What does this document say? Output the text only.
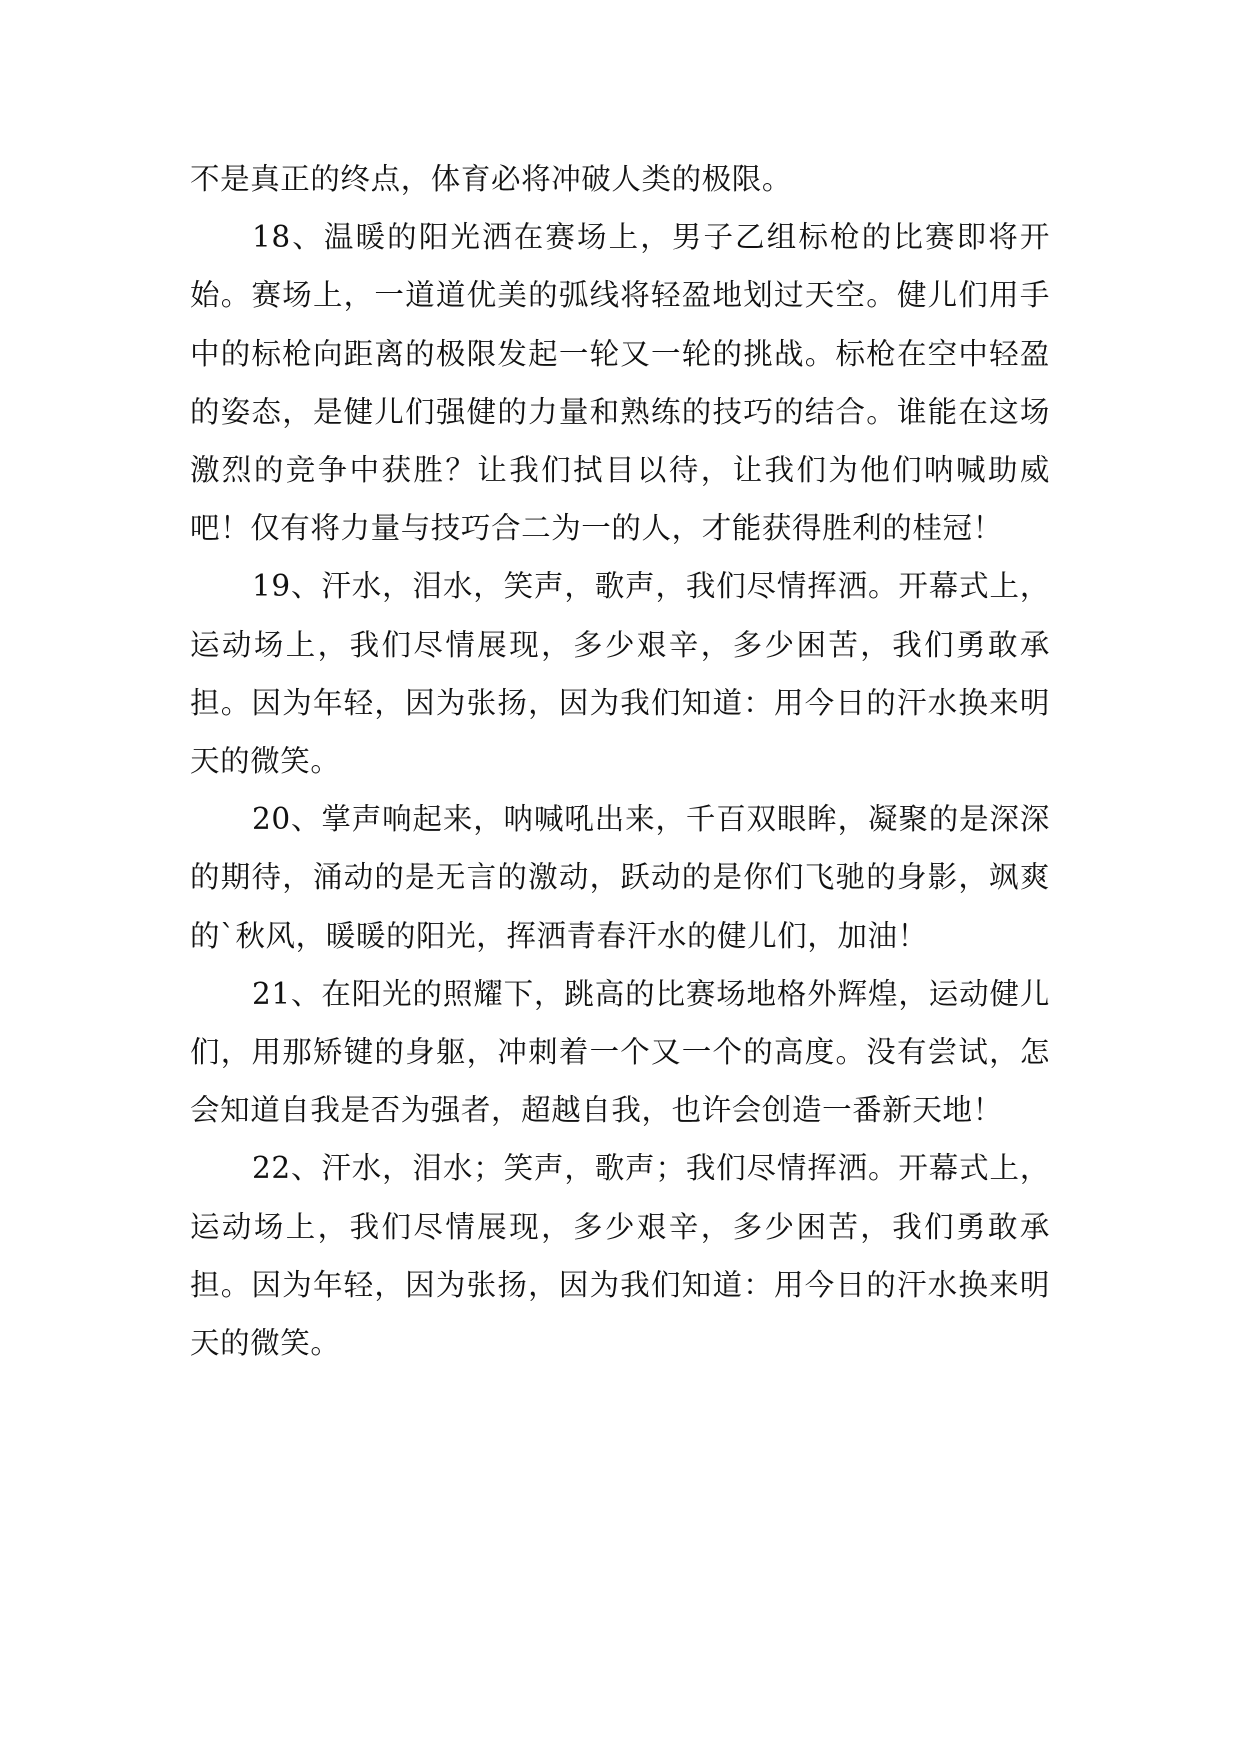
不是真正的终点，体育必将冲破人类的极限。

18、温暖的阳光洒在赛场上，男子乙组标枪的比赛即将开始。赛场上，一道道优美的弧线将轻盈地划过天空。健儿们用手中的标枪向距离的极限发起一轮又一轮的挑战。标枪在空中轻盈的姿态，是健儿们强健的力量和熟练的技巧的结合。谁能在这场激烈的竞争中获胜？让我们拭目以待，让我们为他们呐喊助威吧！仅有将力量与技巧合二为一的人，才能获得胜利的桂冠！

19、汗水，泪水，笑声，歌声，我们尽情挥洒。开幕式上，运动场上，我们尽情展现，多少艰辛，多少困苦，我们勇敢承担。因为年轻，因为张扬，因为我们知道：用今日的汗水换来明天的微笑。

20、掌声响起来，呐喊吼出来，千百双眼眸，凝聚的是深深的期待，涌动的是无言的激动，跃动的是你们飞驰的身影，飒爽的`秋风，暖暖的阳光，挥洒青春汗水的健儿们，加油！

21、在阳光的照耀下，跳高的比赛场地格外辉煌，运动健儿们，用那矫键的身躯，冲刺着一个又一个的高度。没有尝试，怎会知道自我是否为强者，超越自我，也许会创造一番新天地！

22、汗水，泪水；笑声，歌声；我们尽情挥洒。开幕式上，运动场上，我们尽情展现，多少艰辛，多少困苦，我们勇敢承担。因为年轻，因为张扬，因为我们知道：用今日的汗水换来明天的微笑。
